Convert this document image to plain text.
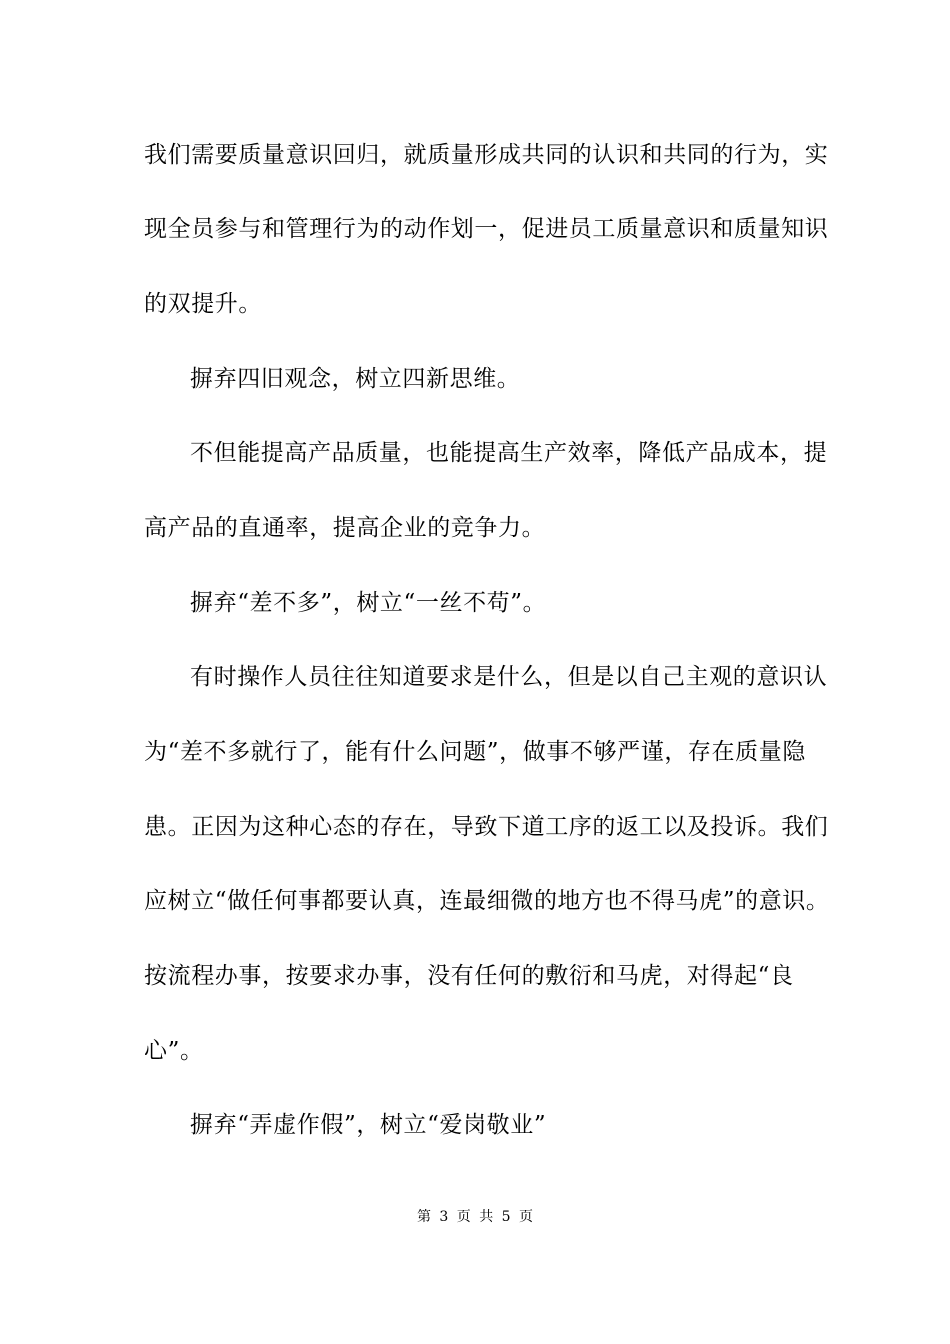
我们需要质量意识回归，就质量形成共同的认识和共同的行为，实
现全员参与和管理行为的动作划一，促进员工质量意识和质量知识
的双提升。
摒弃四旧观念，树立四新思维。
不但能提高产品质量，也能提高生产效率，降低产品成本，提
高产品的直通率，提高企业的竞争力。
摒弃“差不多”，树立“一丝不苟”。
有时操作人员往往知道要求是什么，但是以自己主观的意识认
为“差不多就行了，能有什么问题”，做事不够严谨，存在质量隐
患。正因为这种心态的存在，导致下道工序的返工以及投诉。我们
应树立“做任何事都要认真，连最细微的地方也不得马虎”的意识。
按流程办事，按要求办事，没有任何的敷衍和马虎，对得起“良
心”。
摒弃“弄虚作假”，树立“爱岗敬业”
第 3 页 共 5 页
